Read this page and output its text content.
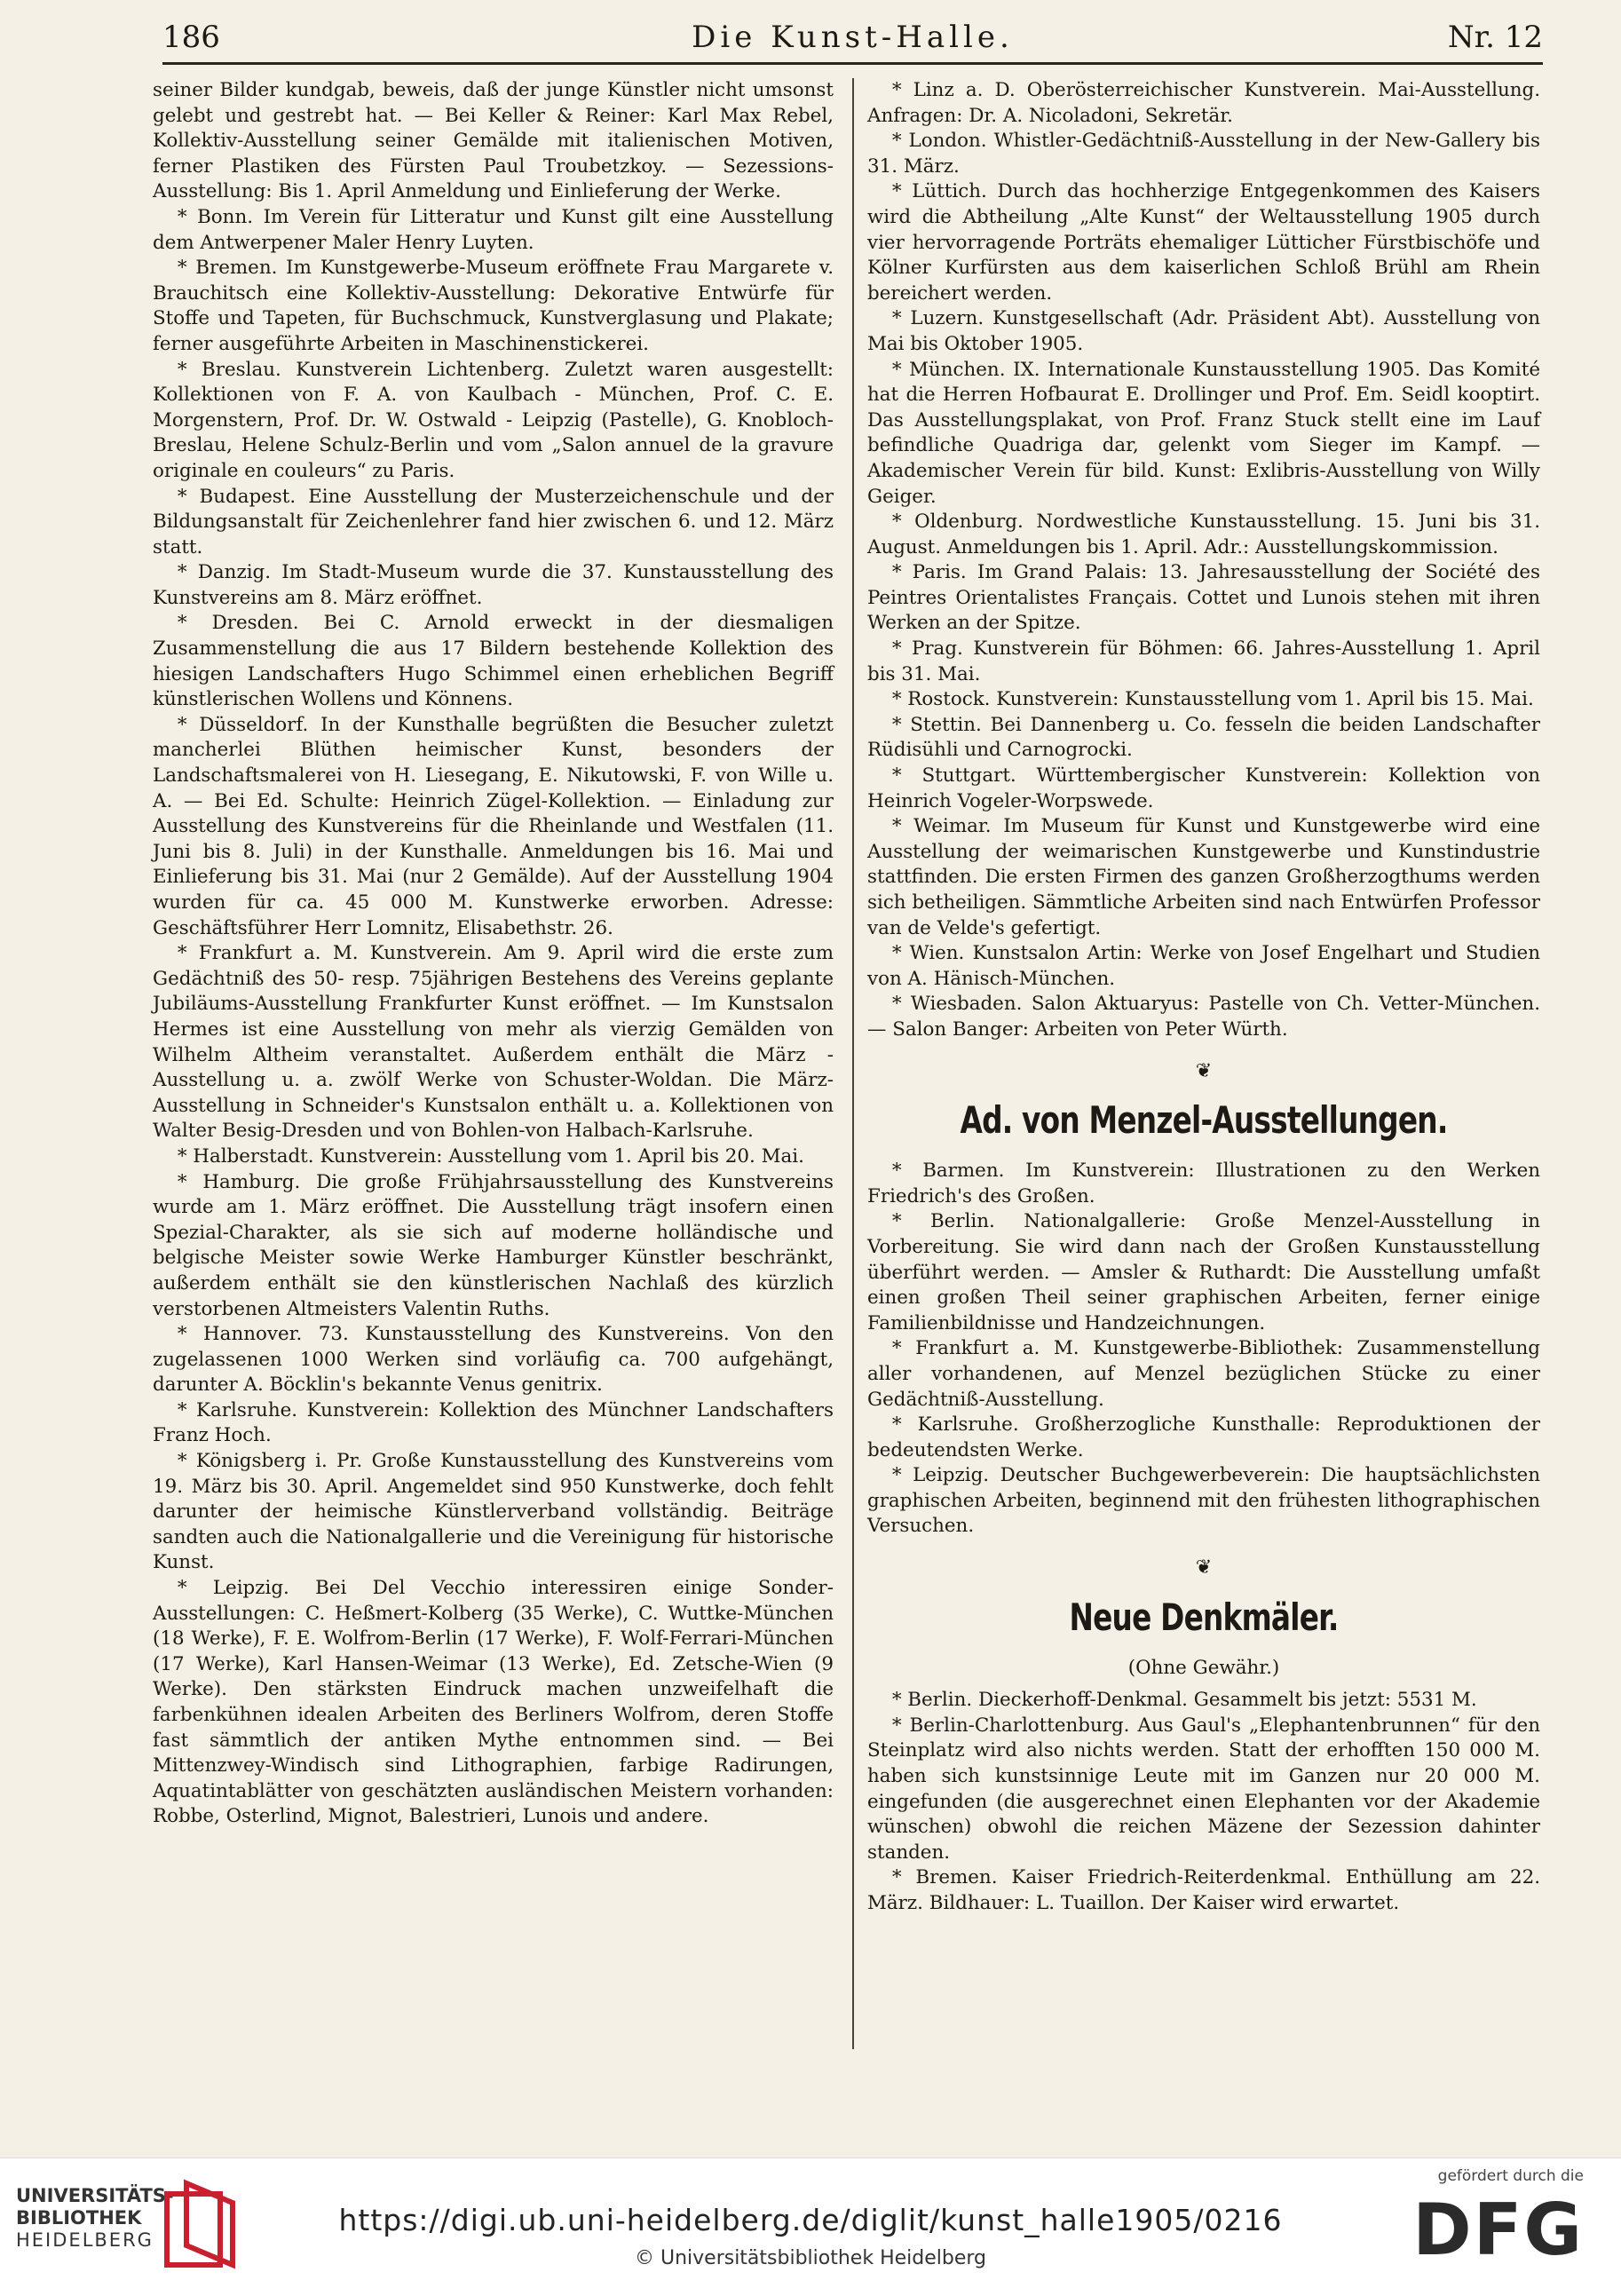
186	Die Kunst-Halle.	Nr. 12

seiner Bilder kundgab, beweis, daß der junge Künstler nicht umsonst gelebt und gestrebt hat. — Bei Keller & Reiner: Karl Max Rebel, Kollektiv-Ausstellung seiner Gemälde mit italienischen Motiven, ferner Plastiken des Fürsten Paul Troubetzkoy. — Sezessions-Ausstellung: Bis 1. April Anmeldung und Einlieferung der Werke.

* Bonn. Im Verein für Litteratur und Kunst gilt eine Ausstellung dem Antwerpener Maler Henry Luyten.

* Bremen. Im Kunstgewerbe-Museum eröffnete Frau Margarete v. Brauchitsch eine Kollektiv-Ausstellung: Dekorative Entwürfe für Stoffe und Tapeten, für Buchschmuck, Kunstverglasung und Plakate; ferner ausgeführte Arbeiten in Maschinenstickerei.

* Breslau. Kunstverein Lichtenberg. Zuletzt waren ausgestellt: Kollektionen von F. A. von Kaulbach - München, Prof. C. E. Morgenstern, Prof. Dr. W. Ostwald - Leipzig (Pastelle), G. Knobloch-Breslau, Helene Schulz-Berlin und vom „Salon annuel de la gravure originale en couleurs“ zu Paris.

* Budapest. Eine Ausstellung der Musterzeichenschule und der Bildungsanstalt für Zeichenlehrer fand hier zwischen 6. und 12. März statt.

* Danzig. Im Stadt-Museum wurde die 37. Kunstausstellung des Kunstvereins am 8. März eröffnet.

* Dresden. Bei C. Arnold erweckt in der diesmaligen Zusammenstellung die aus 17 Bildern bestehende Kollektion des hiesigen Landschafters Hugo Schimmel einen erheblichen Begriff künstlerischen Wollens und Könnens.

* Düsseldorf. In der Kunsthalle begrüßten die Besucher zuletzt mancherlei Blüthen heimischer Kunst, besonders der Landschaftsmalerei von H. Liesegang, E. Nikutowski, F. von Wille u. A. — Bei Ed. Schulte: Heinrich Zügel-Kollektion. — Einladung zur Ausstellung des Kunstvereins für die Rheinlande und Westfalen (11. Juni bis 8. Juli) in der Kunsthalle. Anmeldungen bis 16. Mai und Einlieferung bis 31. Mai (nur 2 Gemälde). Auf der Ausstellung 1904 wurden für ca. 45 000 M. Kunstwerke erworben. Adresse: Geschäftsführer Herr Lomnitz, Elisabethstr. 26.

* Frankfurt a. M. Kunstverein. Am 9. April wird die erste zum Gedächtniß des 50- resp. 75jährigen Bestehens des Vereins geplante Jubiläums-Ausstellung Frankfurter Kunst eröffnet. — Im Kunstsalon Hermes ist eine Ausstellung von mehr als vierzig Gemälden von Wilhelm Altheim veranstaltet. Außerdem enthält die März - Ausstellung u. a. zwölf Werke von Schuster-Woldan. Die März-Ausstellung in Schneider's Kunstsalon enthält u. a. Kollektionen von Walter Besig-Dresden und von Bohlen-von Halbach-Karlsruhe.

* Halberstadt. Kunstverein: Ausstellung vom 1. April bis 20. Mai.

* Hamburg. Die große Frühjahrsausstellung des Kunstvereins wurde am 1. März eröffnet. Die Ausstellung trägt insofern einen Spezial-Charakter, als sie sich auf moderne holländische und belgische Meister sowie Werke Hamburger Künstler beschränkt, außerdem enthält sie den künstlerischen Nachlaß des kürzlich verstorbenen Altmeisters Valentin Ruths.

* Hannover. 73. Kunstausstellung des Kunstvereins. Von den zugelassenen 1000 Werken sind vorläufig ca. 700 aufgehängt, darunter A. Böcklin's bekannte Venus genitrix.

* Karlsruhe. Kunstverein: Kollektion des Münchner Landschafters Franz Hoch.

* Königsberg i. Pr. Große Kunstausstellung des Kunstvereins vom 19. März bis 30. April. Angemeldet sind 950 Kunstwerke, doch fehlt darunter der heimische Künstlerverband vollständig. Beiträge sandten auch die Nationalgallerie und die Vereinigung für historische Kunst.

* Leipzig. Bei Del Vecchio interessiren einige Sonder-Ausstellungen: C. Heßmert-Kolberg (35 Werke), C. Wuttke-München (18 Werke), F. E. Wolfrom-Berlin (17 Werke), F. Wolf-Ferrari-München (17 Werke), Karl Hansen-Weimar (13 Werke), Ed. Zetsche-Wien (9 Werke). Den stärksten Eindruck machen unzweifelhaft die farbenkühnen idealen Arbeiten des Berliners Wolfrom, deren Stoffe fast sämmtlich der antiken Mythe entnommen sind. — Bei Mittenzwey-Windisch sind Lithographien, farbige Radirungen, Aquatintablätter von geschätzten ausländischen Meistern vorhanden: Robbe, Osterlind, Mignot, Balestrieri, Lunois und andere.

* Linz a. D. Oberösterreichischer Kunstverein. Mai-Ausstellung. Anfragen: Dr. A. Nicoladoni, Sekretär.

* London. Whistler-Gedächtniß-Ausstellung in der New-Gallery bis 31. März.

* Lüttich. Durch das hochherzige Entgegenkommen des Kaisers wird die Abtheilung „Alte Kunst“ der Weltausstellung 1905 durch vier hervorragende Porträts ehemaliger Lütticher Fürstbischöfe und Kölner Kurfürsten aus dem kaiserlichen Schloß Brühl am Rhein bereichert werden.

* Luzern. Kunstgesellschaft (Adr. Präsident Abt). Ausstellung von Mai bis Oktober 1905.

* München. IX. Internationale Kunstausstellung 1905. Das Komité hat die Herren Hofbaurat E. Drollinger und Prof. Em. Seidl kooptirt. Das Ausstellungsplakat, von Prof. Franz Stuck stellt eine im Lauf befindliche Quadriga dar, gelenkt vom Sieger im Kampf. — Akademischer Verein für bild. Kunst: Exlibris-Ausstellung von Willy Geiger.

* Oldenburg. Nordwestliche Kunstausstellung. 15. Juni bis 31. August. Anmeldungen bis 1. April. Adr.: Ausstellungskommission.

* Paris. Im Grand Palais: 13. Jahresausstellung der Société des Peintres Orientalistes Français. Cottet und Lunois stehen mit ihren Werken an der Spitze.

* Prag. Kunstverein für Böhmen: 66. Jahres-Ausstellung 1. April bis 31. Mai.

* Rostock. Kunstverein: Kunstausstellung vom 1. April bis 15. Mai.

* Stettin. Bei Dannenberg u. Co. fesseln die beiden Landschafter Rüdisühli und Carnogrocki.

* Stuttgart. Württembergischer Kunstverein: Kollektion von Heinrich Vogeler-Worpswede.

* Weimar. Im Museum für Kunst und Kunstgewerbe wird eine Ausstellung der weimarischen Kunstgewerbe und Kunstindustrie stattfinden. Die ersten Firmen des ganzen Großherzogthums werden sich betheiligen. Sämmtliche Arbeiten sind nach Entwürfen Professor van de Velde's gefertigt.

* Wien. Kunstsalon Artin: Werke von Josef Engelhart und Studien von A. Hänisch-München.

* Wiesbaden. Salon Aktuaryus: Pastelle von Ch. Vetter-München. — Salon Banger: Arbeiten von Peter Würth.

❦
Ad. von Menzel-Ausstellungen.

* Barmen. Im Kunstverein: Illustrationen zu den Werken Friedrich's des Großen.

* Berlin. Nationalgallerie: Große Menzel-Ausstellung in Vorbereitung. Sie wird dann nach der Großen Kunstausstellung überführt werden. — Amsler & Ruthardt: Die Ausstellung umfaßt einen großen Theil seiner graphischen Arbeiten, ferner einige Familienbildnisse und Handzeichnungen.

* Frankfurt a. M. Kunstgewerbe-Bibliothek: Zusammenstellung aller vorhandenen, auf Menzel bezüglichen Stücke zu einer Gedächtniß-Ausstellung.

* Karlsruhe. Großherzogliche Kunsthalle: Reproduktionen der bedeutendsten Werke.

* Leipzig. Deutscher Buchgewerbeverein: Die hauptsächlichsten graphischen Arbeiten, beginnend mit den frühesten lithographischen Versuchen.

❦
Neue Denkmäler.
(Ohne Gewähr.)

* Berlin. Dieckerhoff-Denkmal. Gesammelt bis jetzt: 5531 M.

* Berlin-Charlottenburg. Aus Gaul's „Elephantenbrunnen“ für den Steinplatz wird also nichts werden. Statt der erhofften 150 000 M. haben sich kunstsinnige Leute mit im Ganzen nur 20 000 M. eingefunden (die ausgerechnet einen Elephanten vor der Akademie wünschen) obwohl die reichen Mäzene der Sezession dahinter standen.

* Bremen. Kaiser Friedrich-Reiterdenkmal. Enthüllung am 22. März. Bildhauer: L. Tuaillon. Der Kaiser wird erwartet.

UNIVERSITÄTS-
BIBLIOTHEK
HEIDELBERG
https://digi.ub.uni-heidelberg.de/diglit/kunst_halle1905/0216
© Universitätsbibliothek Heidelberg
gefördert durch die
DFG
